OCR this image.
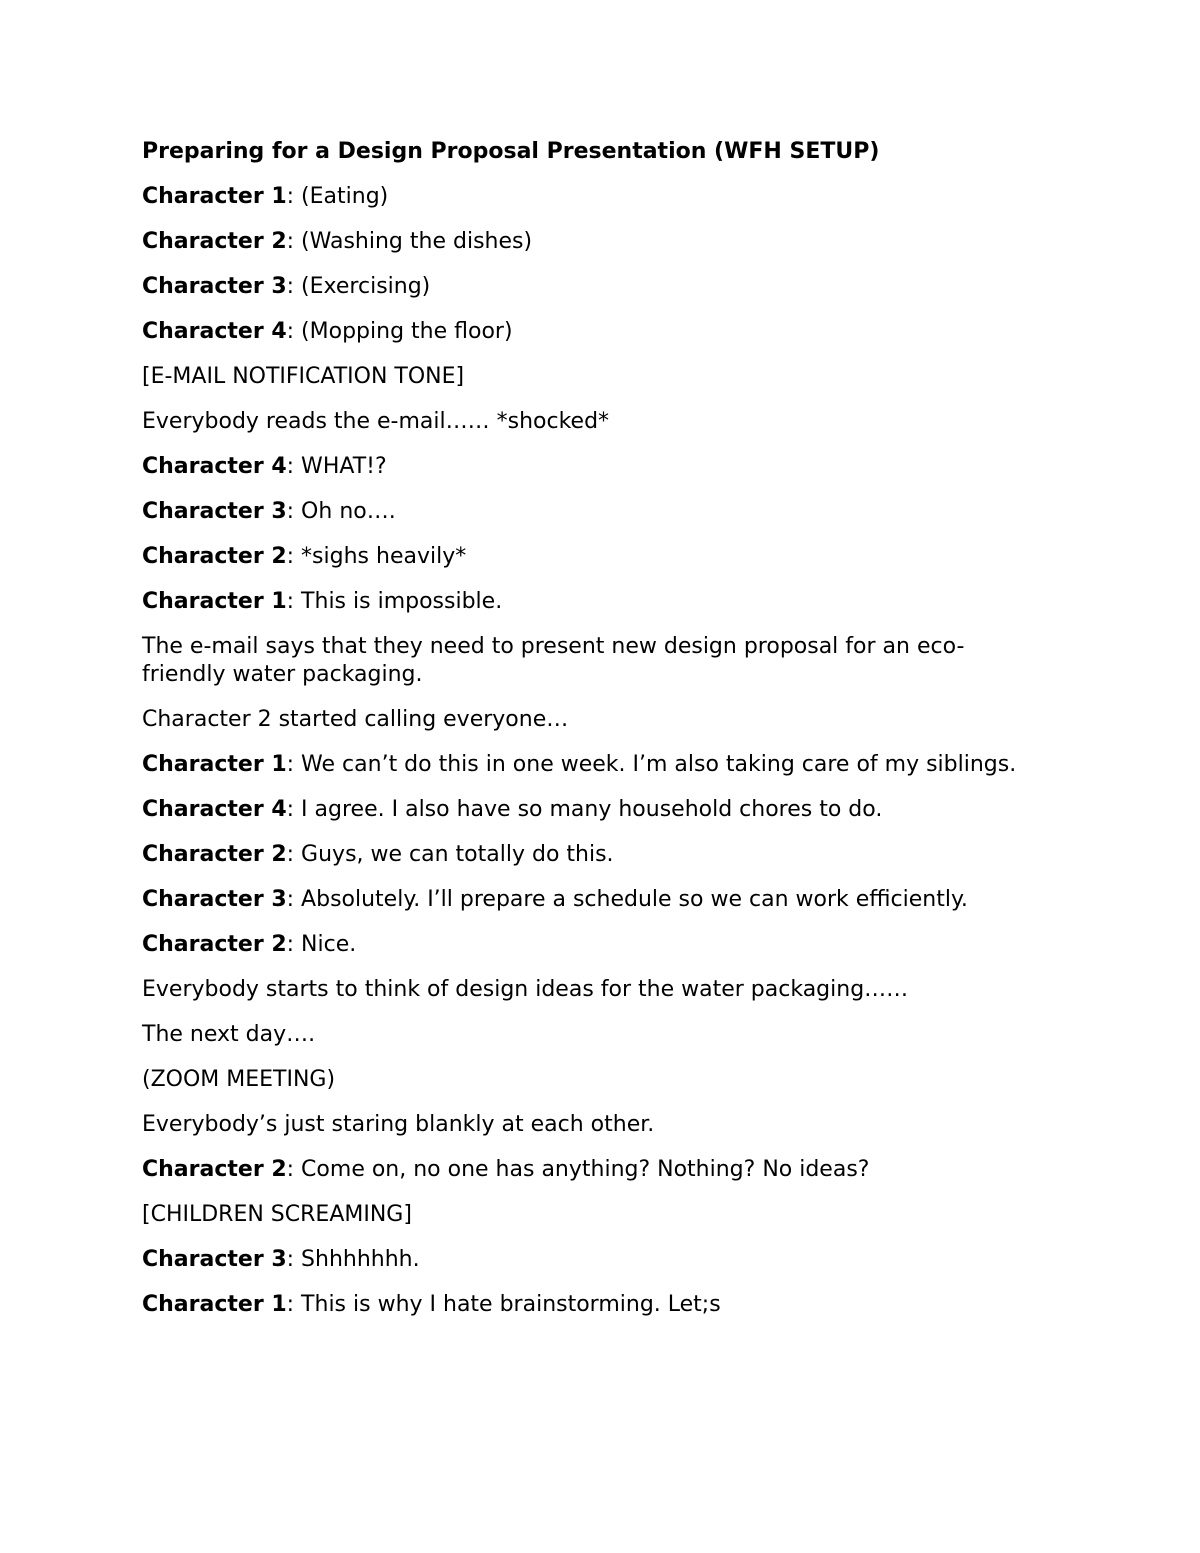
Preparing for a Design Proposal Presentation (WFH SETUP)

Character 1: (Eating)

Character 2: (Washing the dishes)

Character 3: (Exercising)

Character 4: (Mopping the floor)

[E-MAIL NOTIFICATION TONE]

Everybody reads the e-mail…… *shocked*

Character 4: WHAT!?

Character 3: Oh no….

Character 2: *sighs heavily*

Character 1: This is impossible.

The e-mail says that they need to present new design proposal for an eco-friendly water packaging.

Character 2 started calling everyone…

Character 1: We can’t do this in one week. I’m also taking care of my siblings.

Character 4: I agree. I also have so many household chores to do.

Character 2: Guys, we can totally do this.

Character 3: Absolutely. I’ll prepare a schedule so we can work efficiently.

Character 2: Nice.

Everybody starts to think of design ideas for the water packaging……

The next day….

(ZOOM MEETING)

Everybody’s just staring blankly at each other.

Character 2: Come on, no one has anything? Nothing? No ideas?

[CHILDREN SCREAMING]

Character 3: Shhhhhhh.

Character 1: This is why I hate brainstorming. Let;s
